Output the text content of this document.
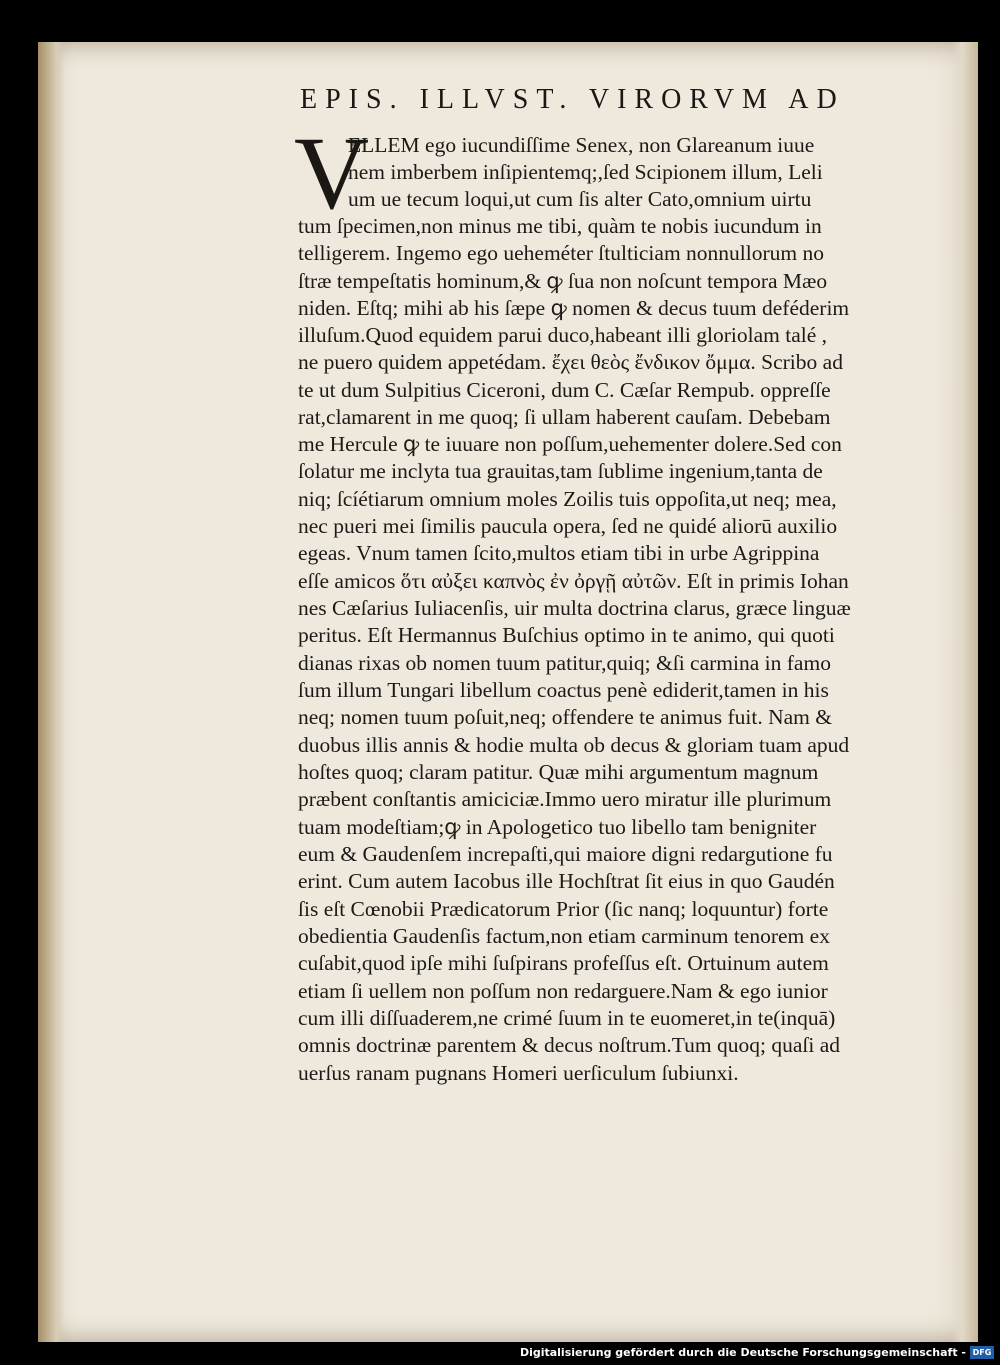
EPIS. ILLVST. VIRORVM AD
V
ELLEM ego iucundiſſime Senex, non Glareanum iuue
nem imberbem inſipientemq;,ſed Scipionem illum, Leli
um ue tecum loqui,ut cum ſis alter Cato,omnium uirtu
tum ſpecimen,non minus me tibi, quàm te nobis iucundum in
telligerem. Ingemo ego ueheméter ſtulticiam nonnullorum no
ſtræ tempeſtatis hominum,& ꝙ ſua non noſcunt tempora Mæo
niden. Eſtq; mihi ab his ſæpe ꝙ nomen & decus tuum deféderim
illuſum.Quod equidem parui duco,habeant illi gloriolam talé ,
ne puero quidem appetédam. ἔχει θεὸς ἔνδικον ὄμμα. Scribo ad
te ut dum Sulpitius Ciceroni, dum C. Cæſar Rempub. oppreſſe
rat,clamarent in me quoq; ſi ullam haberent cauſam. Debebam
me Hercule ꝙ te iuuare non poſſum,uehementer dolere.Sed con
ſolatur me inclyta tua grauitas,tam ſublime ingenium,tanta de
niq; ſcíétiarum omnium moles Zoilis tuis oppoſita,ut neq; mea,
nec pueri mei ſimilis paucula opera, ſed ne quidé aliorū auxilio
egeas. Vnum tamen ſcito,multos etiam tibi in urbe Agrippina
eſſe amicos ὅτι αὐξει καπνὸς ἐν ὀργῇ αὐτῶν. Eſt in primis Iohan
nes Cæſarius Iuliacenſis, uir multa doctrina clarus, græce linguæ
peritus. Eſt Hermannus Buſchius optimo in te animo, qui quoti
dianas rixas ob nomen tuum patitur,quiq; &ſi carmina in famo
ſum illum Tungari libellum coactus penè ediderit,tamen in his
neq; nomen tuum poſuit,neq; offendere te animus fuit. Nam &
duobus illis annis & hodie multa ob decus & gloriam tuam apud
hoſtes quoq; claram patitur. Quæ mihi argumentum magnum
præbent conſtantis amiciciæ.Immo uero miratur ille plurimum
tuam modeſtiam;ꝙ in Apologetico tuo libello tam benigniter
eum & Gaudenſem increpaſti,qui maiore digni redargutione fu
erint. Cum autem Iacobus ille Hochſtrat ſit eius in quo Gaudén
ſis eſt Cœnobii Prædicatorum Prior (ſic nanq; loquuntur) forte
obedientia Gaudenſis factum,non etiam carminum tenorem ex
cuſabit,quod ipſe mihi ſuſpirans profeſſus eſt. Ortuinum autem
etiam ſi uellem non poſſum non redarguere.Nam & ego iunior
cum illi diſſuaderem,ne crimé ſuum in te euomeret,in te(inquā)
omnis doctrinæ parentem & decus noſtrum.Tum quoq; quaſi ad
uerſus ranam pugnans Homeri uerſiculum ſubiunxi.
Digitalisierung gefördert durch die Deutsche Forschungsgemeinschaft - DFG
